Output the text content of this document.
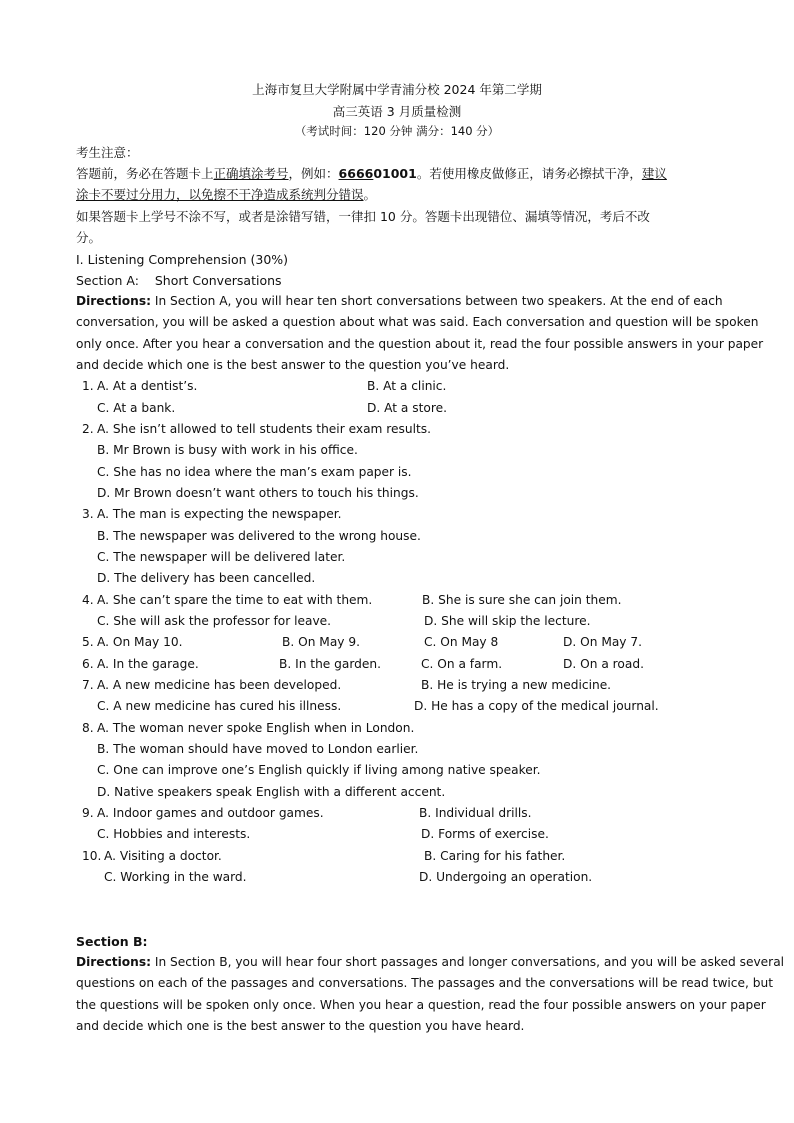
上海市复旦大学附属中学青浦分校 2024 年第二学期
高三英语 3 月质量检测
（考试时间：120 分钟 满分：140 分）
考生注意：
答题前，务必在答题卡上正确填涂考号，例如：666601001。若使用橡皮做修正，请务必擦拭干净，建议
涂卡不要过分用力，以免擦不干净造成系统判分错误。
如果答题卡上学号不涂不写，或者是涂错写错，一律扣 10 分。答题卡出现错位、漏填等情况，考后不改
分。
I. Listening Comprehension (30%)
Section A:    Short Conversations
Directions: In Section A, you will hear ten short conversations between two speakers. At the end of each
conversation, you will be asked a question about what was said. Each conversation and question will be spoken
only once. After you hear a conversation and the question about it, read the four possible answers in your paper
and decide which one is the best answer to the question you’ve heard.
1. A. At a dentist’s.	B. At a clinic.
C. At a bank.	D. At a store.
2. A. She isn’t allowed to tell students their exam results.
B. Mr Brown is busy with work in his office.
C. She has no idea where the man’s exam paper is.
D. Mr Brown doesn’t want others to touch his things.
3. A. The man is expecting the newspaper.
B. The newspaper was delivered to the wrong house.
C. The newspaper will be delivered later.
D. The delivery has been cancelled.
4. A. She can’t spare the time to eat with them.	B. She is sure she can join them.
C. She will ask the professor for leave.	D. She will skip the lecture.
5. A. On May 10.	B. On May 9.	C. On May 8	D. On May 7.
6. A. In the garage.	B. In the garden.	C. On a farm.	D. On a road.
7. A. A new medicine has been developed.	B. He is trying a new medicine.
C. A new medicine has cured his illness.	D. He has a copy of the medical journal.
8. A. The woman never spoke English when in London.
B. The woman should have moved to London earlier.
C. One can improve one’s English quickly if living among native speaker.
D. Native speakers speak English with a different accent.
9. A. Indoor games and outdoor games.	B. Individual drills.
C. Hobbies and interests.	D. Forms of exercise.
10. A. Visiting a doctor.	B. Caring for his father.
C. Working in the ward.	D. Undergoing an operation.
Section B:
Directions: In Section B, you will hear four short passages and longer conversations, and you will be asked several
questions on each of the passages and conversations. The passages and the conversations will be read twice, but
the questions will be spoken only once. When you hear a question, read the four possible answers on your paper
and decide which one is the best answer to the question you have heard.
